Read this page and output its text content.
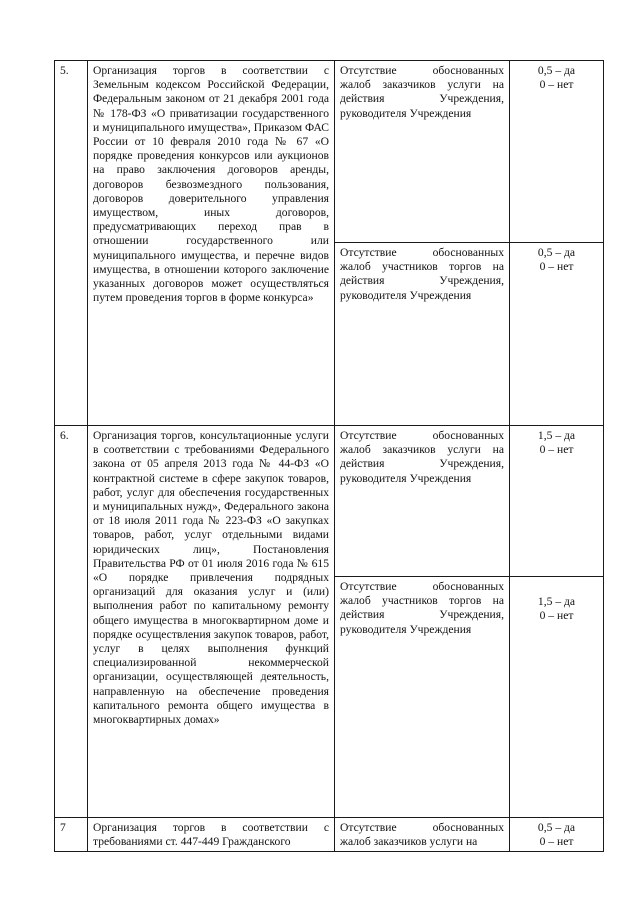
5.	Организация торгов в соответствии с Земельным кодексом Российской Федерации, Федеральным законом от 21 декабря 2001 года № 178-ФЗ «О приватизации государственного и муниципального имущества», Приказом ФАС России от 10 февраля 2010 года № 67 «О порядке проведения конкурсов или аукционов на право заключения договоров аренды, договоров безвозмездного пользования, договоров доверительного управления имуществом, иных договоров, предусматривающих переход прав в отношении государственного или муниципального имущества, и перечне видов имущества, в отношении которого заключение указанных договоров может осуществляться путем проведения торгов в форме конкурса»	Отсутствие обоснованных жалоб заказчиков услуги на действия Учреждения, руководителя Учреждения	0,5 – да
0 – нет

		Отсутствие обоснованных жалоб участников торгов на действия Учреждения, руководителя Учреждения	0,5 – да
0 – нет

6.	Организация торгов, консультационные услуги в соответствии с требованиями Федерального закона от 05 апреля 2013 года № 44-ФЗ «О контрактной системе в сфере закупок товаров, работ, услуг для обеспечения государственных и муниципальных нужд», Федерального закона от 18 июля 2011 года № 223-ФЗ «О закупках товаров, работ, услуг отдельными видами юридических лиц», Постановления Правительства РФ от 01 июля 2016 года № 615 «О порядке привлечения подрядных организаций для оказания услуг и (или) выполнения работ по капитальному ремонту общего имущества в многоквартирном доме и порядке осуществления закупок товаров, работ, услуг в целях выполнения функций специализированной некоммерческой организации, осуществляющей деятельность, направленную на обеспечение проведения капитального ремонта общего имущества в многоквартирных домах»	Отсутствие обоснованных жалоб заказчиков услуги на действия Учреждения, руководителя Учреждения	1,5 – да
0 – нет

		Отсутствие обоснованных жалоб участников торгов на действия Учреждения, руководителя Учреждения	1,5 – да
0 – нет

7	Организация торгов в соответствии с требованиями ст. 447-449 Гражданского	Отсутствие обоснованных жалоб заказчиков услуги на	0,5 – да
0 – нет
